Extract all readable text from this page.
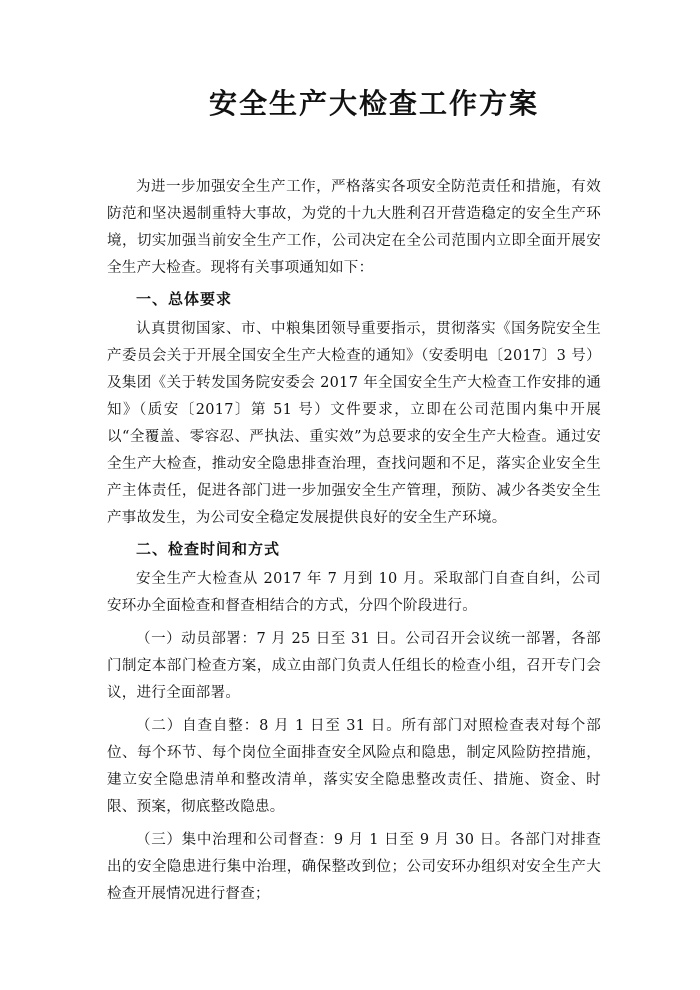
安全生产大检查工作方案

为进一步加强安全生产工作，严格落实各项安全防范责任和措施，有效防范和坚决遏制重特大事故，为党的十九大胜利召开营造稳定的安全生产环境，切实加强当前安全生产工作，公司决定在全公司范围内立即全面开展安全生产大检查。现将有关事项通知如下：

一、总体要求

认真贯彻国家、市、中粮集团领导重要指示，贯彻落实《国务院安全生产委员会关于开展全国安全生产大检查的通知》（安委明电〔2017〕3 号）及集团《关于转发国务院安委会 2017 年全国安全生产大检查工作安排的通知》（质安〔2017〕第 51 号）文件要求，立即在公司范围内集中开展以“全覆盖、零容忍、严执法、重实效”为总要求的安全生产大检查。通过安全生产大检查，推动安全隐患排查治理，查找问题和不足，落实企业安全生产主体责任，促进各部门进一步加强安全生产管理，预防、减少各类安全生产事故发生，为公司安全稳定发展提供良好的安全生产环境。

二、检查时间和方式

安全生产大检查从 2017 年 7 月到 10 月。采取部门自查自纠，公司安环办全面检查和督查相结合的方式，分四个阶段进行。

（一）动员部署：7 月 25 日至 31 日。公司召开会议统一部署，各部门制定本部门检查方案，成立由部门负责人任组长的检查小组，召开专门会议，进行全面部署。

（二）自查自整：8 月 1 日至 31 日。所有部门对照检查表对每个部位、每个环节、每个岗位全面排查安全风险点和隐患，制定风险防控措施，建立安全隐患清单和整改清单，落实安全隐患整改责任、措施、资金、时限、预案，彻底整改隐患。

（三）集中治理和公司督查：9 月 1 日至 9 月 30 日。各部门对排查出的安全隐患进行集中治理，确保整改到位；公司安环办组织对安全生产大检查开展情况进行督查；
